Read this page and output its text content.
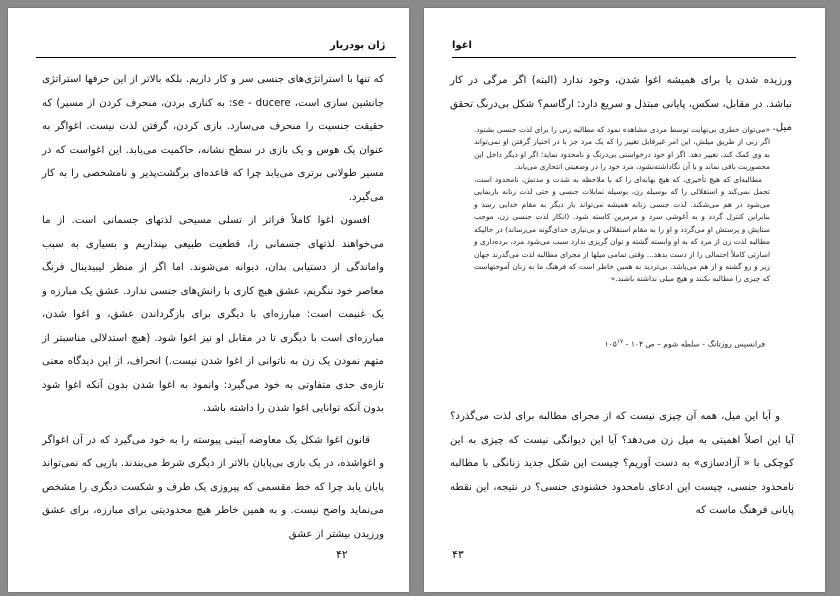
ژان بودریار

که تنها با استراتژی‌های جنسی سر و کار داریم. بلکه بالاتر از این حرفها استراتژی جانشین سازی است، se - ducere: به کناری بردن، منحرف کردن از مسیر) که حقیقت جنسیت را منحرف می‌سازد. بازی کردن، گرفتن لذت نیست. اغواگر به عنوان یک هوس و یک بازی در سطح نشانه، حاکمیت می‌یابد. این اغواست که در مسیر طولانی برتری می‌یابد چرا که قاعده‌ای برگشت‌پذیر و نامشخصی را به کار می‌گیرد.

افسون اغوا کاملاً فراتر از تسلی مسیحی لذتهای جسمانی است. از ما می‌خواهند لذتهای جسمانی را، قطعیت طبیعی بپنداریم و بسیاری به سبب واماندگی از دستیابی بدان، دیوانه می‌شوند. اما اگر از منظر لیبیدینال فرنگ معاصر خود ننگریم، عشق هیچ کاری با رانش‌های جنسی ندارد. عشق یک مبارزه و یک غنیمت است: مبارزه‌ای با دیگری برای بازگرداندن عشق، و اغوا شدن، مبارزه‌ای است با دیگری تا در مقابل او نیز اغوا شود. (هیچ استدلالی مناسبتر از متهم نمودن یک زن به ناتوانی از اغوا شدن نیست.) انحراف، از این دیدگاه معنی تازه‌ی حدی متفاوتی به خود می‌گیرد: وانمود به اغوا شدن بدون آنکه اغوا شود بدون آنکه توانایی اغوا شدن را داشته باشد.

قانون اغوا شکل یک معاوضه آیینی پیوسته را به خود می‌گیرد که در آن اغواگر و اغواشده، در یک بازی بی‌پایان بالاتر از دیگری شرط می‌بندند. بازیی که نمی‌تواند پایان یابد چرا که خط مقسمی که پیروزی یک طرف و شکست دیگری را مشخص می‌نماید واضح نیست. و به همین خاطر هیچ محدودیتی برای مبارزه، برای عشق ورزیدن بیشتر از عشق

۴۲
اغوا

ورزیده شدن یا برای همیشه اغوا شدن، وجود ندارد (البته) اگر مرگی در کار نباشد. در مقابل، سکس، پایانی مبتذل و سریع دارد: ارگاسم؟ شکل بی‌درنگ تحقق میل.

«می‌توان خطری بی‌نهایت توسط مردی مشاهده نمود که مطالبه زنی را برای لذت جنسی بشنود. اگر زنی از طریق میلش، این امر غیرقابل تغییر را که یک مرد جز با در اختیار گرفتن او نمی‌تواند به وی کمک کند، تغییر دهد. اگر او خود درخواستی بی‌درنگ و نامحدود نماید؛ اگر او دیگر داخل این محصوریت باقی نماند و با آن نگاداشته‌نشود، مرد خود را در وضعیتی انتحاری می‌یابد.

مطالبه‌ای که هیچ تأخیری، که هیچ بهانه‌ای را که با ملاحظه به شدت و مدتش، نامحدود است، تحمل نمی‌کند و استقلالی را که بوسیله زن، بوسیله تمایلات جنسی و حتی لذت زنانه بازنمایی می‌شود در هم می‌شکند. لذت جنسی زنانه همیشه می‌تواند بار دیگر به مقام خدایی رسد و بنابراین کنترل گردد و به آغوشی سرد و مرمرین کاسته شود. (انکار لذت جنسی زن، موجب ستایش و پرستش او می‌گردد و او را به مقام استقلالی و بی‌نیازی خدای‌گونه می‌رساند) در حالیکه مطالبه لذت زن از مرد که به او وابسته گشته و توان گریزی ندارد سبب می‌شود مرد، برده‌داری و اسارتی کاملاً احتمالی را از دست بدهد... وقتی تمامی میلها از مجرای مطالبه لذت می‌گذرند جهان زیر و رو گشته و از هم می‌پاشد. بی‌تردید به همین خاطر است که فرهنگ ما به زنان آموختهاست که چیزی را مطالبه نکنند و هیچ میلی نداشته باشند.»

فرانسیس روزتانگ - سلطه شوم – ص ۱۰۴ - $۱۰۵^{۱۷}$

و آیا این میل، همه آن چیزی نیست که از مجرای مطالبه برای لذت می‌گذرد؟ آیا این اصلاً اهمیتی به میل زن می‌دهد؟ آیا این دیوانگی نیست که چیزی به این کوچکی با « آزادسازی» به دست آوریم؟ چیست این شکل جدید زنانگی با مطالبه نامحدود جنسی، چیست این ادعای نامحدود خشنودی جنسی؟ در نتیجه، این نقطه پایانی فرهنگ ماست که

۴۳
